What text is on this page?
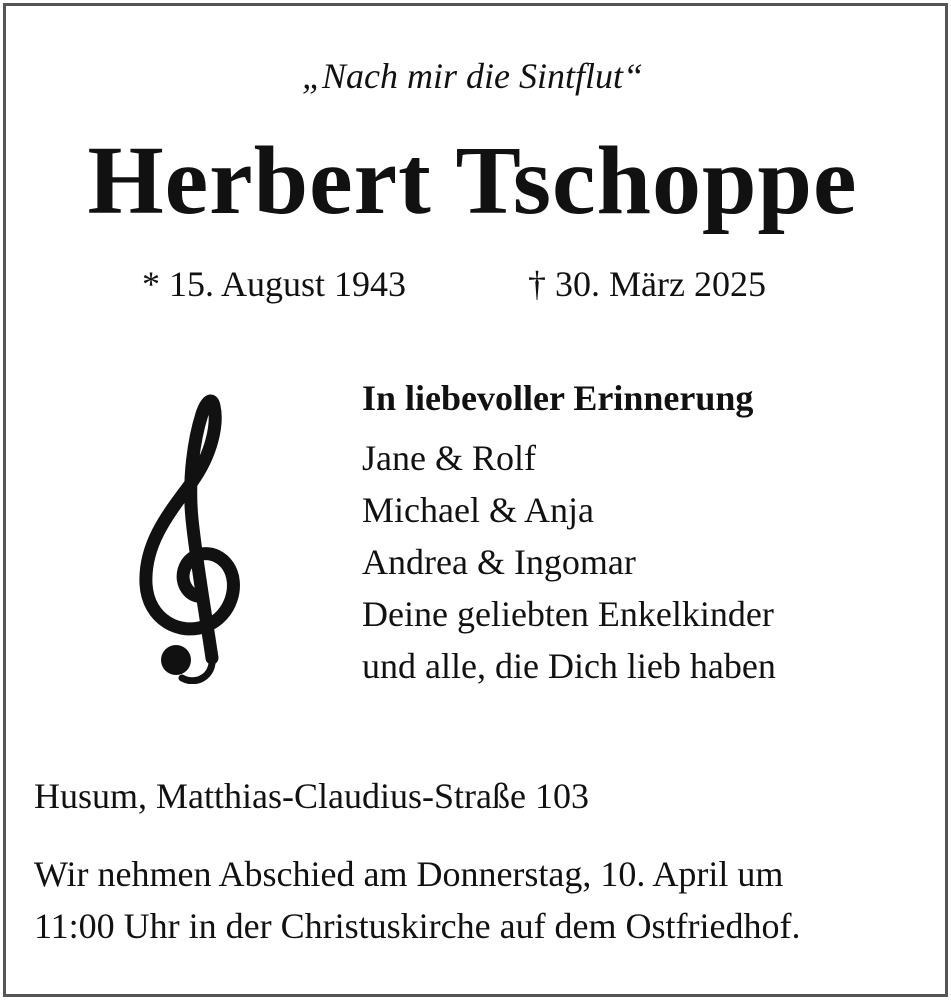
„Nach mir die Sintflut“
Herbert Tschoppe
* 15. August 1943	† 30. März 2025
In liebevoller Erinnerung
Jane & Rolf
Michael & Anja
Andrea & Ingomar
Deine geliebten Enkelkinder
und alle, die Dich lieb haben
Husum, Matthias-Claudius-Straße 103
Wir nehmen Abschied am Donnerstag, 10. April um
11:00 Uhr in der Christuskirche auf dem Ostfriedhof.
